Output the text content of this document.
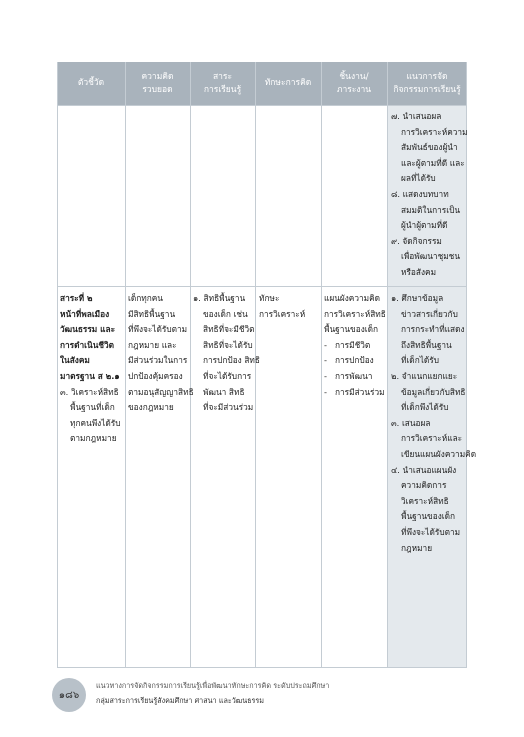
ตัวชี้วัด
ความคิด
รวบยอด
สาระ
การเรียนรู้
ทักษะการคิด
ชิ้นงาน/
ภาระงาน
แนวการจัด
กิจกรรมการเรียนรู้

๗. นำเสนอผล

การวิเคราะห์ความ

สัมพันธ์ของผู้นำ

และผู้ตามที่ดี และ

ผลที่ได้รับ

๘. แสดงบทบาท

สมมติในการเป็น

ผู้นำผู้ตามที่ดี

๙. จัดกิจกรรม

เพื่อพัฒนาชุมชน

หรือสังคม

สาระที่ ๒

หน้าที่พลเมือง

วัฒนธรรม และ

การดำเนินชีวิต

ในสังคม

มาตรฐาน ส ๒.๑

๓. วิเคราะห์สิทธิ

พื้นฐานที่เด็ก

ทุกคนพึงได้รับ

ตามกฎหมาย

เด็กทุกคน

มีสิทธิพื้นฐาน

ที่พึงจะได้รับตาม

กฎหมาย และ

มีส่วนร่วมในการ

ปกป้องคุ้มครอง

ตามอนุสัญญาสิทธิ

ของกฎหมาย

๑. สิทธิพื้นฐาน

ของเด็ก เช่น

สิทธิที่จะมีชีวิต

สิทธิที่จะได้รับ

การปกป้อง สิทธิ

ที่จะได้รับการ

พัฒนา สิทธิ

ที่จะมีส่วนร่วม

ทักษะ

การวิเคราะห์

แผนผังความคิด

การวิเคราะห์สิทธิ

พื้นฐานของเด็ก

- การมีชีวิต

- การปกป้อง

- การพัฒนา

- การมีส่วนร่วม

๑. ศึกษาข้อมูล

ข่าวสารเกี่ยวกับ

การกระทำที่แสดง

ถึงสิทธิพื้นฐาน

ที่เด็กได้รับ

๒. จำแนกแยกแยะ

ข้อมูลเกี่ยวกับสิทธิ

ที่เด็กพึงได้รับ

๓. เสนอผล

การวิเคราะห์และ

เขียนแผนผังความคิด

๔. นำเสนอแผนผัง

ความคิดการ

วิเคราะห์สิทธิ

พื้นฐานของเด็ก

ที่พึงจะได้รับตาม

กฎหมาย

๑๘๖
แนวทางการจัดกิจกรรมการเรียนรู้เพื่อพัฒนาทักษะการคิด ระดับประถมศึกษา
กลุ่มสาระการเรียนรู้สังคมศึกษา ศาสนา และวัฒนธรรม
